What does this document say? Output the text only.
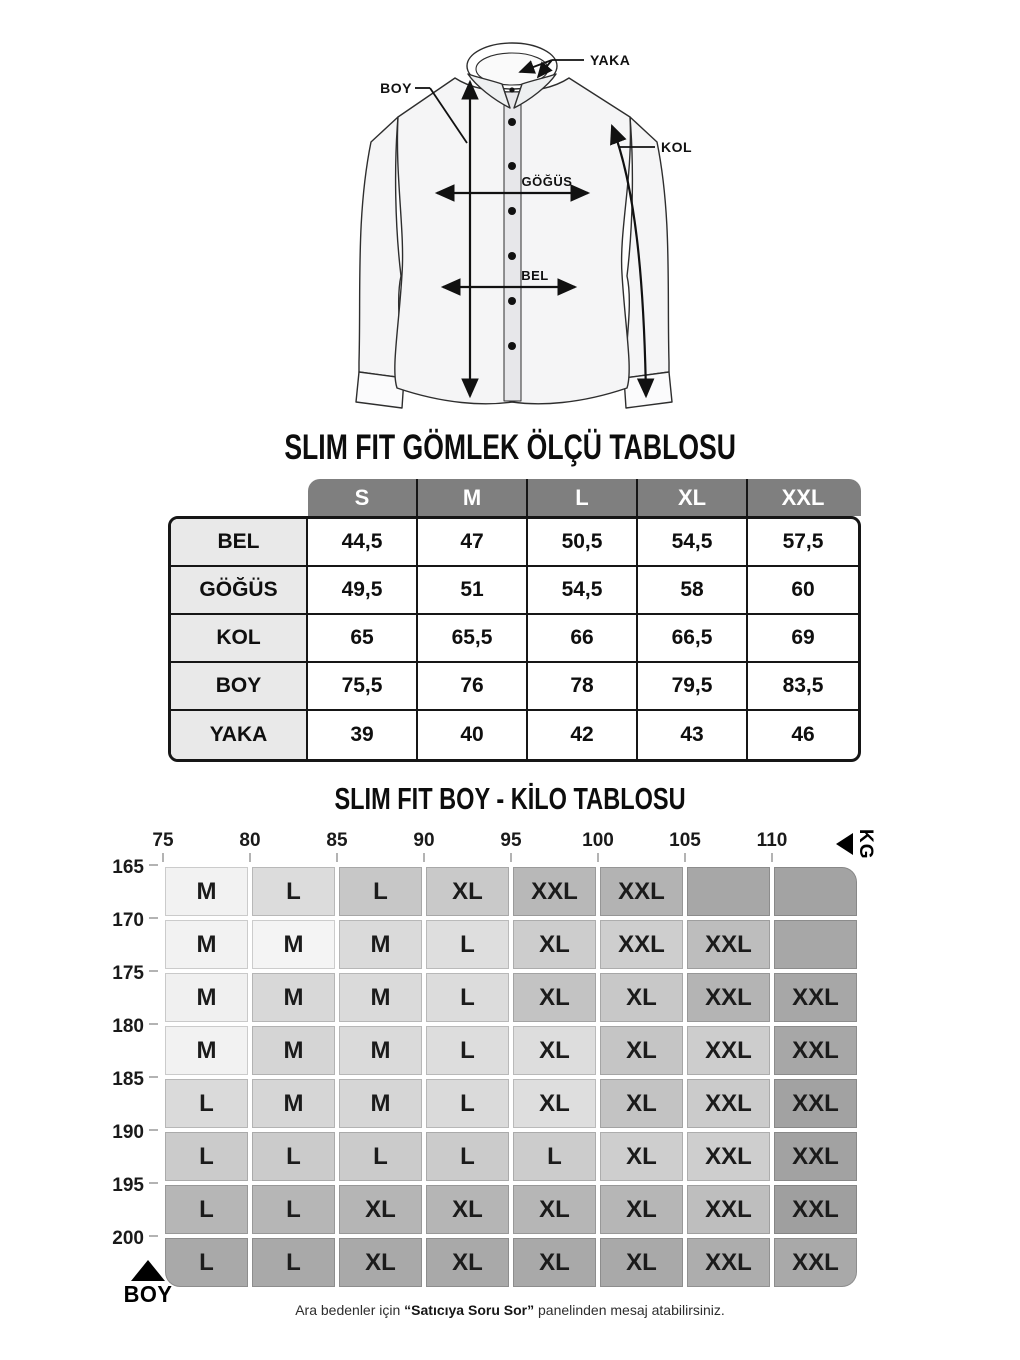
YAKA
BOY
KOL
GÖĞÜS
BEL
SLIM FIT GÖMLEK ÖLÇÜ TABLOSU
S	M	L	XL	XXL
BEL	44,5	47	50,5	54,5	57,5
GÖĞÜS	49,5	51	54,5	58	60
KOL	65	65,5	66	66,5	69
BOY	75,5	76	78	79,5	83,5
YAKA	39	40	42	43	46
SLIM FIT BOY - KİLO TABLOSU
KG
M	L	L	XL	XXL	XXL
M	M	M	L	XL	XXL	XXL
M	M	M	L	XL	XL	XXL	XXL
M	M	M	L	XL	XL	XXL	XXL
L	M	M	L	XL	XL	XXL	XXL
L	L	L	L	L	XL	XXL	XXL
L	L	XL	XL	XL	XL	XXL	XXL
L	L	XL	XL	XL	XL	XXL	XXL
BOY
Ara bedenler için “Satıcıya Soru Sor” panelinden mesaj atabilirsiniz.
75	80	85	90	95	100	105	110
165
170
175
180
185
190
195
200
